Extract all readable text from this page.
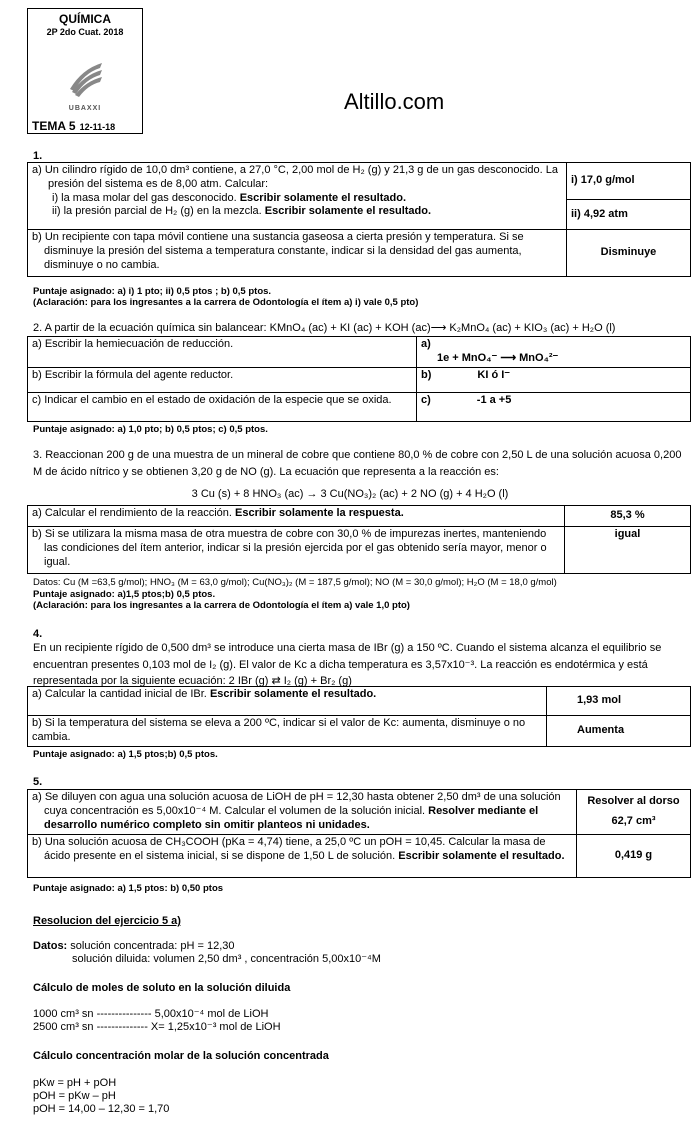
QUÍMICA
2P 2do Cuat. 2018
UBAXXI
TEMA 5 12-11-18
Altillo.com
1.
a) Un cilindro rígido de 10,0 dm³ contiene, a 27,0 °C, 2,00 mol de H₂ (g) y 21,3 g de un gas desconocido. La presión del sistema es de 8,00 atm. Calcular:
i) la masa molar del gas desconocido. Escribir solamente el resultado.
ii) la presión parcial de H₂ (g) en la mezcla. Escribir solamente el resultado.	i) 17,0 g/mol
	ii) 4,92 atm
b) Un recipiente con tapa móvil contiene una sustancia gaseosa a cierta presión y temperatura. Si se disminuye la presión del sistema a temperatura constante, indicar si la densidad del gas aumenta, disminuye o no cambia.	Disminuye
Puntaje asignado: a) i) 1 pto; ii) 0,5 ptos ; b) 0,5 ptos.
(Aclaración: para los ingresantes a la carrera de Odontología el ítem a) i) vale 0,5 pto)
2. A partir de la ecuación química sin balancear: KMnO₄ (ac) + KI (ac) + KOH (ac)⟶ K₂MnO₄ (ac) + KIO₃ (ac) + H₂O (l)
a) Escribir la hemiecuación de reducción.	a)
1e + MnO₄⁻ ⟶ MnO₄²⁻

b) Escribir la fórmula del agente reductor.	b) KI ó I⁻
c) Indicar el cambio en el estado de oxidación de la especie que se oxida.	c) -1 a +5
Puntaje asignado: a) 1,0 pto; b) 0,5 ptos; c) 0,5 ptos.
3. Reaccionan 200 g de una muestra de un mineral de cobre que contiene 80,0 % de cobre con 2,50 L de una solución acuosa 0,200 M de ácido nítrico y se obtienen 3,20 g de NO (g). La ecuación que representa a la reacción es:
3 Cu (s) + 8 HNO₃ (ac) → 3 Cu(NO₃)₂ (ac) + 2 NO (g) + 4 H₂O (l)
a) Calcular el rendimiento de la reacción. Escribir solamente la respuesta.	85,3 %
b) Si se utilizara la misma masa de otra muestra de cobre con 30,0 % de impurezas inertes, manteniendo las condiciones del ítem anterior, indicar si la presión ejercida por el gas obtenido sería mayor, menor o igual.	igual
Datos: Cu (M =63,5 g/mol); HNO₃ (M = 63,0 g/mol); Cu(NO₃)₂ (M = 187,5 g/mol); NO (M = 30,0 g/mol); H₂O (M = 18,0 g/mol)
Puntaje asignado: a)1,5 ptos;b) 0,5 ptos.
(Aclaración: para los ingresantes a la carrera de Odontología el ítem a) vale 1,0 pto)
4.
En un recipiente rígido de 0,500 dm³ se introduce una cierta masa de IBr (g) a 150 ºC. Cuando el sistema alcanza el equilibrio se encuentran presentes 0,103 mol de I₂ (g). El valor de Kc a dicha temperatura es 3,57x10⁻³. La reacción es endotérmica y está representada por la siguiente ecuación: 2 IBr (g) ⇄ I₂ (g) + Br₂ (g)
a) Calcular la cantidad inicial de IBr. Escribir solamente el resultado.	1,93 mol
b) Si la temperatura del sistema se eleva a 200 ºC, indicar si el valor de Kc: aumenta, disminuye o no cambia.	Aumenta
Puntaje asignado: a) 1,5 ptos;b) 0,5 ptos.
5.
a) Se diluyen con agua una solución acuosa de LiOH de pH = 12,30 hasta obtener 2,50 dm³ de una solución cuya concentración es 5,00x10⁻⁴ M. Calcular el volumen de la solución inicial. Resolver mediante el desarrollo numérico completo sin omitir planteos ni unidades.	Resolver al dorso
62,7 cm³

b) Una solución acuosa de CH₃COOH (pKa = 4,74) tiene, a 25,0 ºC un pOH = 10,45. Calcular la masa de ácido presente en el sistema inicial, si se dispone de 1,50 L de solución. Escribir solamente el resultado.	0,419 g
Puntaje asignado: a) 1,5 ptos: b) 0,50 ptos
Resolucion del ejercicio 5 a)
Datos: solución concentrada: pH = 12,30
solución diluida: volumen 2,50 dm³ , concentración 5,00x10⁻⁴M
Cálculo de moles de soluto en la solución diluida
1000 cm³ sn --------------- 5,00x10⁻⁴ mol de LiOH
2500 cm³ sn -------------- X= 1,25x10⁻³ mol de LiOH
Cálculo concentración molar de la solución concentrada
pKw = pH + pOH
pOH = pKw – pH
pOH = 14,00 – 12,30 = 1,70
